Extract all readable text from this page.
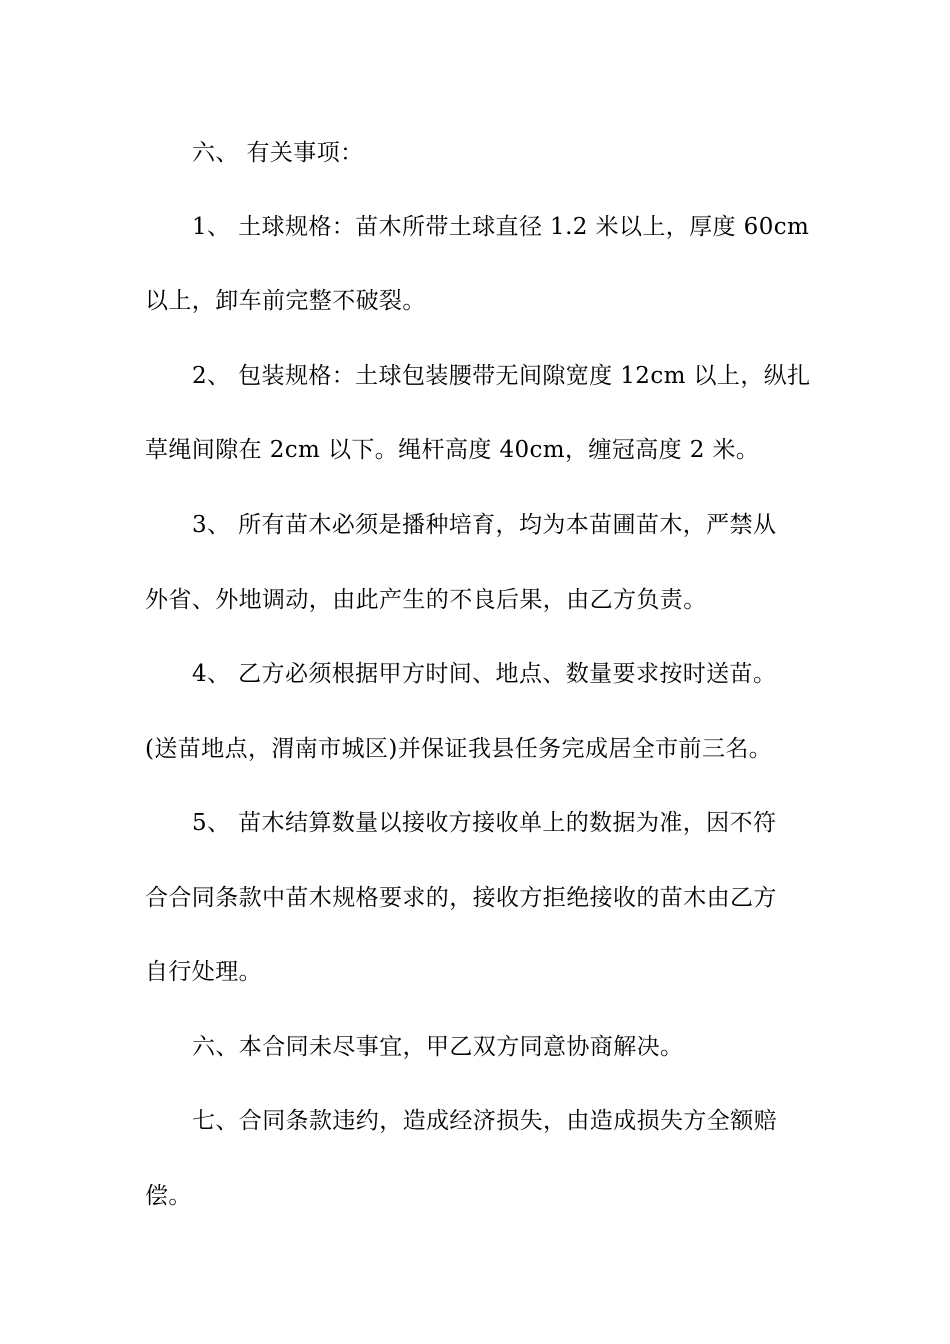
六、 有关事项：
1、 土球规格：苗木所带土球直径 1.2 米以上，厚度 60cm
以上，卸车前完整不破裂。
2、 包装规格：土球包装腰带无间隙宽度 12cm 以上，纵扎
草绳间隙在 2cm 以下。绳杆高度 40cm，缠冠高度 2 米。
3、 所有苗木必须是播种培育，均为本苗圃苗木，严禁从
外省、外地调动，由此产生的不良后果，由乙方负责。
4、 乙方必须根据甲方时间、地点、数量要求按时送苗。
(送苗地点，渭南市城区)并保证我县任务完成居全市前三名。
5、 苗木结算数量以接收方接收单上的数据为准，因不符
合合同条款中苗木规格要求的，接收方拒绝接收的苗木由乙方
自行处理。
六、本合同未尽事宜，甲乙双方同意协商解决。
七、合同条款违约，造成经济损失，由造成损失方全额赔
偿。
